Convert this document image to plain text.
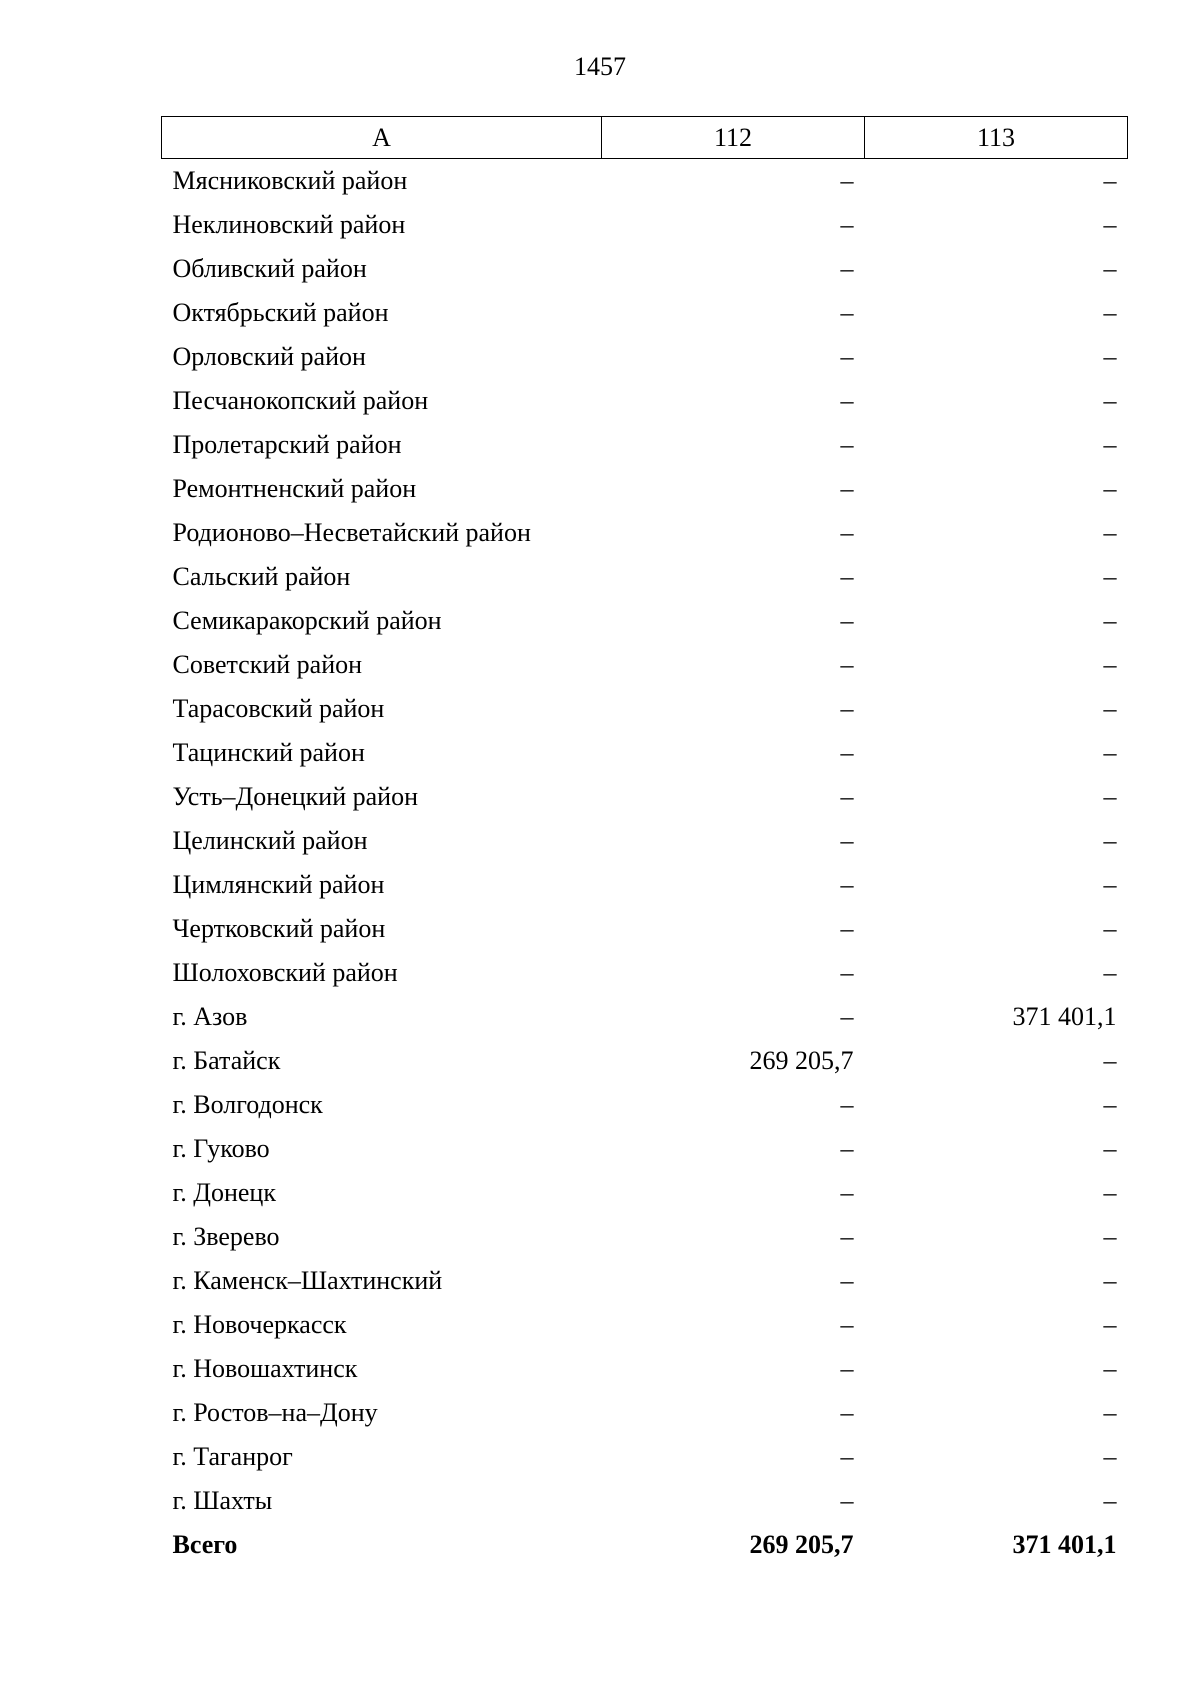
1457
А	112	113
Мясниковский район	–	–
Неклиновский район	–	–
Обливский район	–	–
Октябрьский район	–	–
Орловский район	–	–
Песчанокопский район	–	–
Пролетарский район	–	–
Ремонтненский район	–	–
Родионово–Несветайский район	–	–
Сальский район	–	–
Семикаракорский район	–	–
Советский район	–	–
Тарасовский район	–	–
Тацинский район	–	–
Усть–Донецкий район	–	–
Целинский район	–	–
Цимлянский район	–	–
Чертковский район	–	–
Шолоховский район	–	–
г. Азов	–	371 401,1
г. Батайск	269 205,7	–
г. Волгодонск	–	–
г. Гуково	–	–
г. Донецк	–	–
г. Зверево	–	–
г. Каменск–Шахтинский	–	–
г. Новочеркасск	–	–
г. Новошахтинск	–	–
г. Ростов–на–Дону	–	–
г. Таганрог	–	–
г. Шахты	–	–
Всего	269 205,7	371 401,1
